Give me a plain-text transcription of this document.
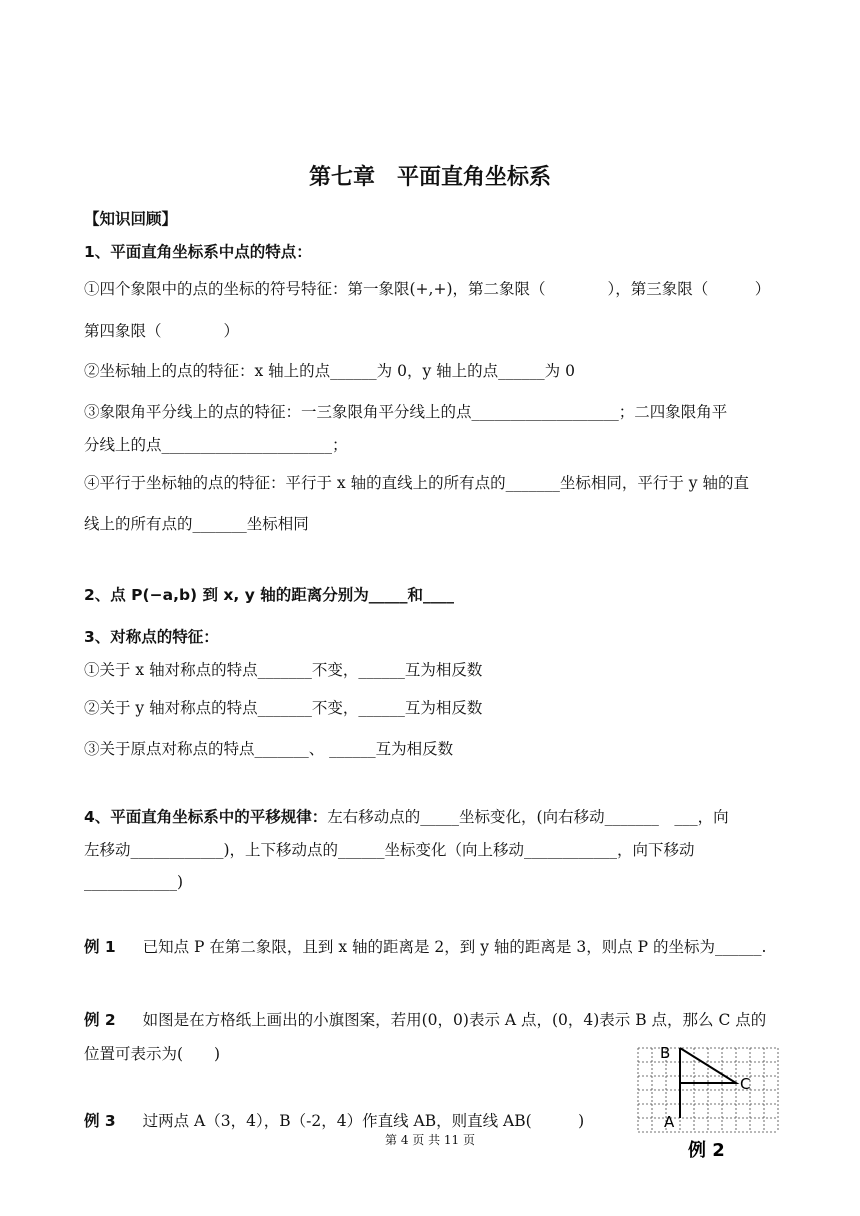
第七章　平面直角坐标系
【知识回顾】
1、平面直角坐标系中点的特点：
①四个象限中的点的坐标的符号特征：第一象限(+,+)，第二象限（　　　　），第三象限（　　　）
第四象限（　　　　）
②坐标轴上的点的特征：x 轴上的点______为 0，y 轴上的点______为 0
③象限角平分线上的点的特征：一三象限角平分线上的点___________________；二四象限角平
分线上的点______________________；
④平行于坐标轴的点的特征：平行于 x 轴的直线上的所有点的_______坐标相同，平行于 y 轴的直
线上的所有点的_______坐标相同
2、点 P(−a,b) 到 x, y 轴的距离分别为_____和____
3、对称点的特征：
①关于 x 轴对称点的特点_______不变，______互为相反数
②关于 y 轴对称点的特点_______不变，______互为相反数
③关于原点对称点的特点_______、 ______互为相反数
4、平面直角坐标系中的平移规律：左右移动点的_____坐标变化，(向右移动_______　___，向
左移动____________)，上下移动点的______坐标变化（向上移动____________，向下移动
____________)
例 1 已知点 P 在第二象限，且到 x 轴的距离是 2，到 y 轴的距离是 3，则点 P 的坐标为______.
例 2 如图是在方格纸上画出的小旗图案，若用(0，0)表示 A 点，(0，4)表示 B 点，那么 C 点的
位置可表示为(　　)
例 3 过两点 A（3，4），B（-2，4）作直线 AB，则直线 AB(　　　)
第 4 页 共 11 页
B
C
A
例 2
